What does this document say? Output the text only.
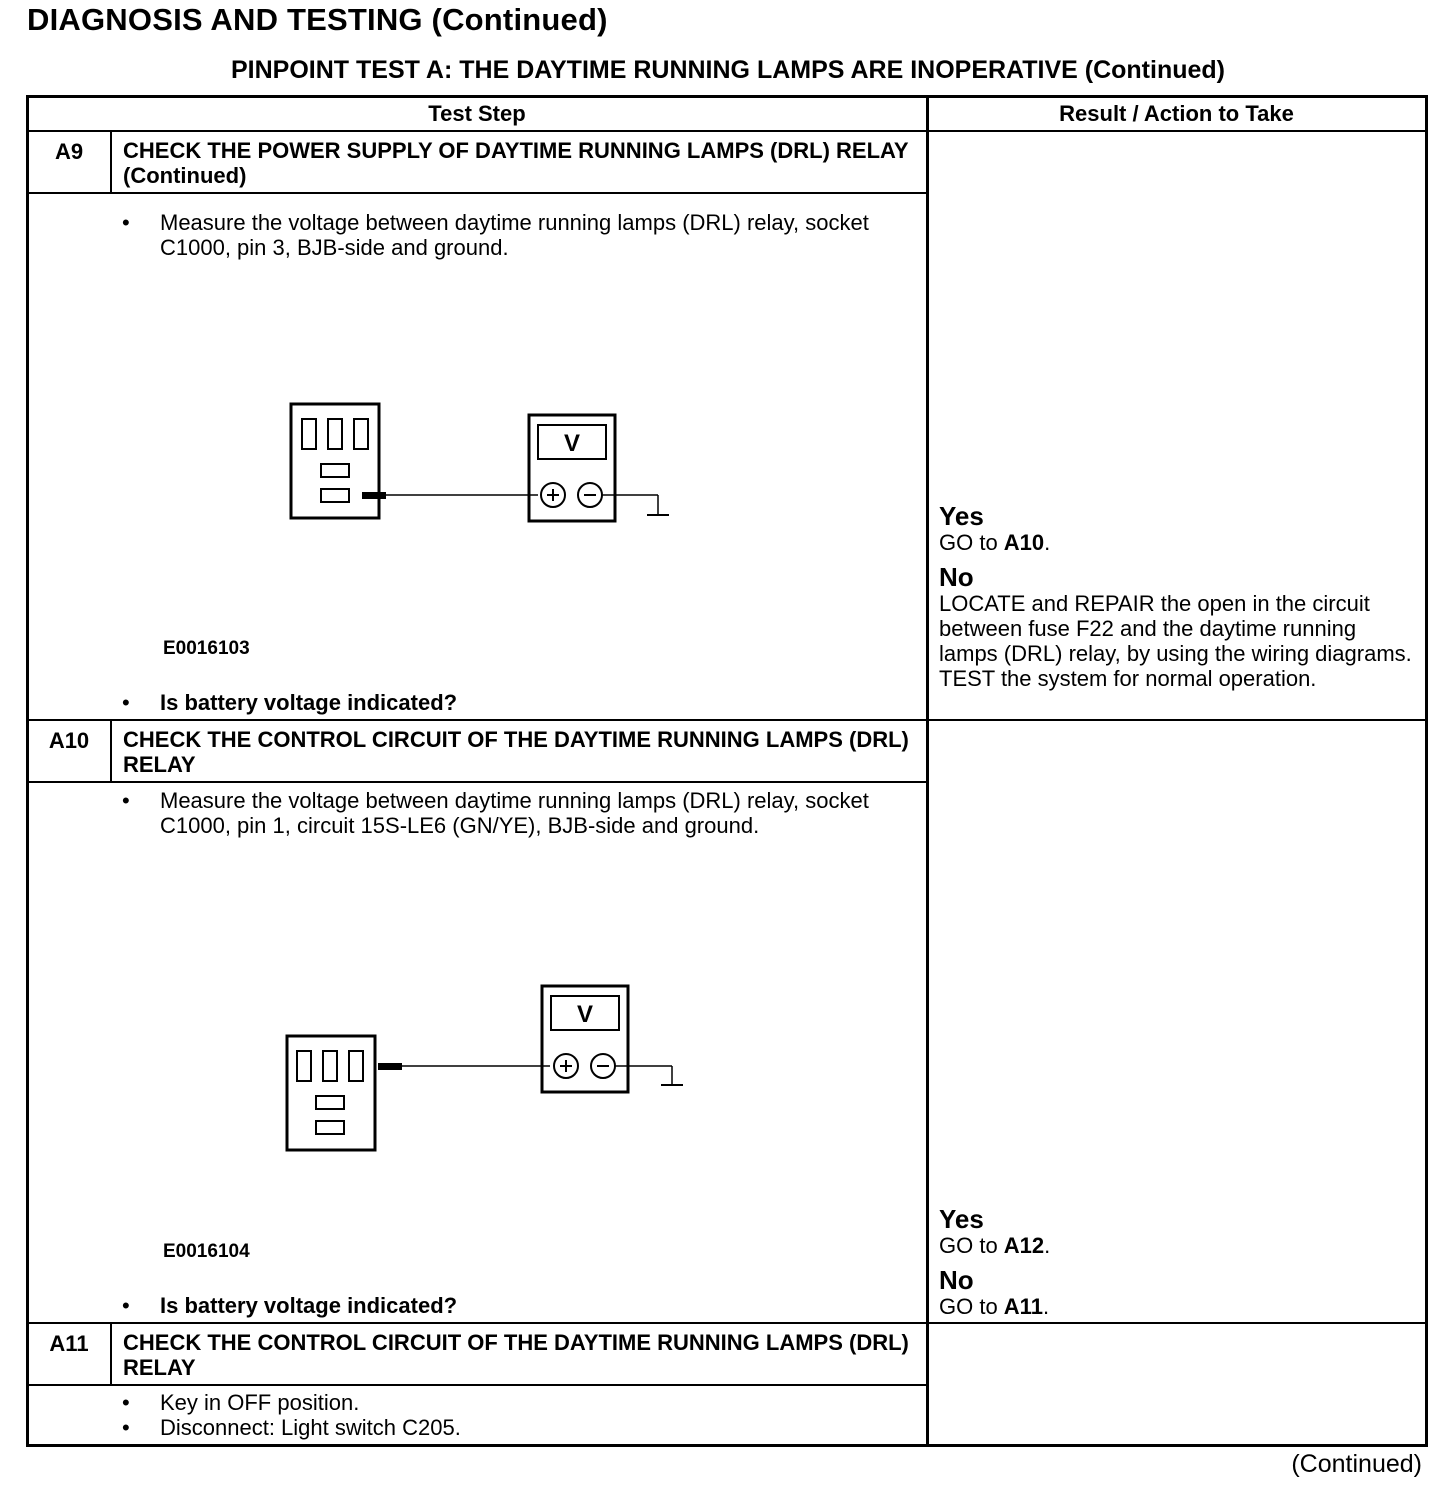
DIAGNOSIS AND TESTING (Continued)
PINPOINT TEST A: THE DAYTIME RUNNING LAMPS ARE INOPERATIVE (Continued)
Test Step	Result / Action to Take
A9	CHECK THE POWER SUPPLY OF DAYTIME RUNNING LAMPS (DRL) RELAY (Continued)
• Measure the voltage between daytime running lamps (DRL) relay, socket C1000, pin 3, BJB-side and ground.
V
E0016103
• Is battery voltage indicated?
Yes
GO to A10.
No
LOCATE and REPAIR the open in the circuit between fuse F22 and the daytime running lamps (DRL) relay, by using the wiring diagrams. TEST the system for normal operation.
A10	CHECK THE CONTROL CIRCUIT OF THE DAYTIME RUNNING LAMPS (DRL) RELAY
• Measure the voltage between daytime running lamps (DRL) relay, socket C1000, pin 1, circuit 15S-LE6 (GN/YE), BJB-side and ground.
V
E0016104
• Is battery voltage indicated?
Yes
GO to A12.
No
GO to A11.
A11	CHECK THE CONTROL CIRCUIT OF THE DAYTIME RUNNING LAMPS (DRL) RELAY
• Key in OFF position.
• Disconnect: Light switch C205.
(Continued)
